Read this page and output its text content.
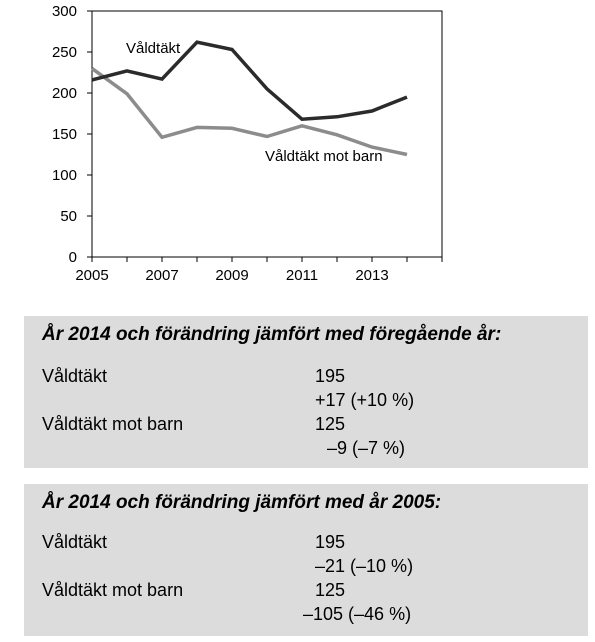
0
50
100
150
200
250
300
2005 2007 2009 2011 2013
Våldtäkt
Våldtäkt mot barn
År 2014 och förändring jämfört med föregående år:
Våldtäkt	195
+17 (+10 %)
Våldtäkt mot barn	125
–9 (–7 %)
År 2014 och förändring jämfört med år 2005:
Våldtäkt	195
–21 (–10 %)
Våldtäkt mot barn	125
–105 (–46 %)
